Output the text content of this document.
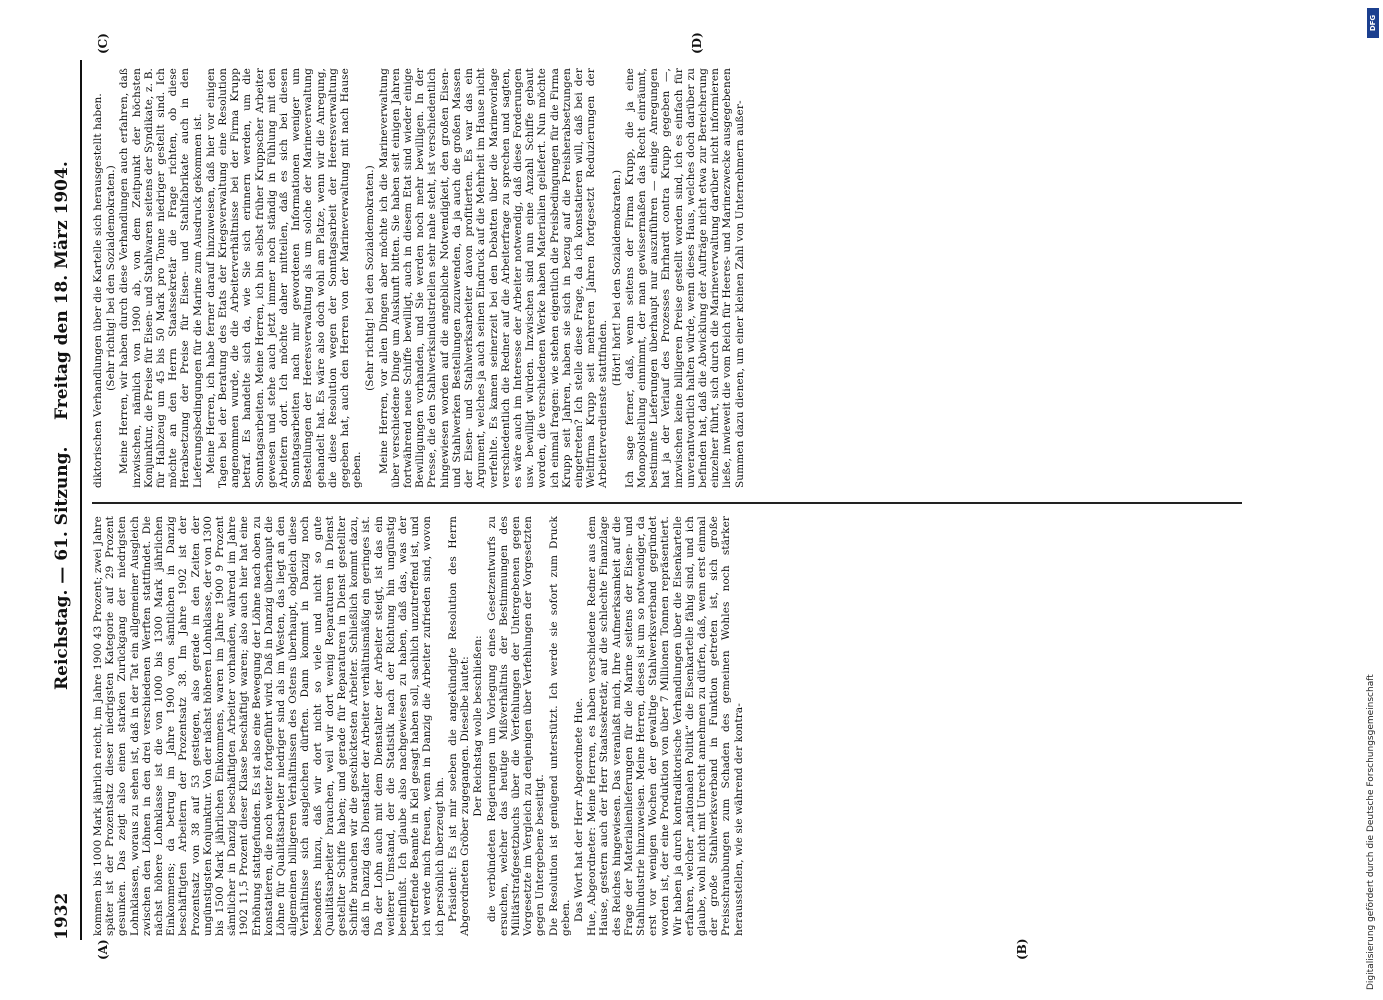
1932
Reichstag. — 61. Sitzung.
Freitag den 18. März 1904.
(A)	(B)
(C)	(D)

kommen bis 1000 Mark jährlich reicht, im Jahre 1900 43 Prozent; zwei Jahre später ist der Prozentsatz dieser niedrigsten Kategorie auf 29 Prozent gesunken. Das zeigt also einen starken Zurückgang der niedrigsten Lohnklassen, woraus zu sehen ist, daß in der Tat ein allgemeiner Ausgleich zwischen den Löhnen in den drei verschiedenen Werften stattfindet. Die nächst höhere Lohnklasse ist die von 1000 bis 1300 Mark jährlichen Einkommens; da betrug im Jahre 1900 von sämtlichen in Danzig beschäftigten Arbeitern der Prozentsatz 38. Im Jahre 1902 ist der Prozentsatz von 38 auf 53 gestiegen, also gerade in den Zeiten der ungünstigsten Konjunktur. Von der nächst höheren Lohnklasse, der von 1300 bis 1500 Mark jährlichen Einkommens, waren im Jahre 1900 9 Prozent sämtlicher in Danzig beschäftigten Arbeiter vorhanden, während im Jahre 1902 11,5 Prozent dieser Klasse beschäftigt waren; also auch hier hat eine Erhöhung stattgefunden. Es ist also eine Bewegung der Löhne nach oben zu konstatieren, die noch weiter fortgeführt wird. Daß in Danzig überhaupt die Löhne für Qualitätsarbeiter niedriger sind als im Westen, das liegt an den allgemeinen billigeren Verhältnissen des Ostens überhaupt, obgleich diese Verhältnisse sich ausgleichen dürften. Dann kommt in Danzig noch besonders hinzu, daß wir dort nicht so viele und nicht so gute Qualitätsarbeiter brauchen, weil wir dort wenig Reparaturen in Dienst gestellter Schiffe haben; und gerade für Reparaturen in Dienst gestellter Schiffe brauchen wir die geschicktesten Arbeiter. Schließlich kommt dazu, daß in Danzig das Dienstalter der Arbeiter verhältnismäßig ein geringes ist. Da der Lohn auch mit dem Dienstalter der Arbeiter steigt, ist das ein weiterer Umstand, der die Statistik nach der Richtung hin ungünstig beeinflußt. Ich glaube also nachgewiesen zu haben, daß das, was der betreffende Beamte in Kiel gesagt haben soll, sachlich unzutreffend ist, und ich werde mich freuen, wenn in Danzig die Arbeiter zufrieden sind, wovon ich persönlich überzeugt bin. Präsident: Es ist mir soeben die angekündigte Resolution des Herrn Abgeordneten Gröber zugegangen. Dieselbe lautet: Der Reichstag wolle beschließen: die verbündeten Regierungen um Vorlegung eines Gesetzentwurfs zu ersuchen, welcher das heutige Mißverhältnis der Bestimmungen des Militärstrafgesetzbuchs über die Verfehlungen der Untergebenen gegen Vorgesetzte im Vergleich zu denjenigen über Verfehlungen der Vorgesetzten gegen Untergebene beseitigt. Die Resolution ist genügend unterstützt. Ich werde sie sofort zum Druck geben. Das Wort hat der Herr Abgeordnete Hue. Hue, Abgeordneter: Meine Herren, es haben verschiedene Redner aus dem Hause, gestern auch der Herr Staatssekretär, auf die schlechte Finanzlage des Reiches hingewiesen. Das veranlaßt mich, Ihre Aufmerksamkeit auf die Frage der Materialienlieferungen für die Marine seitens der Eisen- und Stahlindustrie hinzuweisen. Meine Herren, dieses ist um so notwendiger, da erst vor wenigen Wochen der gewaltige Stahlwerksverband gegründet worden ist, der eine Produktion von über 7 Millionen Tonnen repräsentiert. Wir haben ja durch kontradiktorische Verhandlungen über die Eisenkartelle erfahren, welcher „nationalen Politik“ die Eisenkartelle fähig sind, und ich glaube, wohl nicht mit Unrecht annehmen zu dürfen, daß, wenn erst einmal der große Stahlwerksverband in Funktion getreten ist, sich große Preisschraubungen zum Schaden des gemeinen Wohles noch stärker herausstellen, wie sie während der kontra-

diktorischen Verhandlungen über die Kartelle sich herausgestellt haben. (Sehr richtig! bei den Sozialdemokraten.) Meine Herren, wir haben durch diese Verhandlungen auch erfahren, daß inzwischen, nämlich von 1900 ab, von dem Zeitpunkt der höchsten Konjunktur, die Preise für Eisen- und Stahlwaren seitens der Syndikate, z. B. für Halbzeug um 45 bis 50 Mark pro Tonne niedriger gestellt sind. Ich möchte an den Herrn Staatssekretär die Frage richten, ob diese Herabsetzung der Preise für Eisen- und Stahlfabrikate auch in den Lieferungsbedingungen für die Marine zum Ausdruck gekommen ist. Meine Herren, ich habe ferner darauf hinzuweisen, daß hier vor einigen Tagen bei der Beratung des Etats der Kriegsverwaltung eine Resolution angenommen wurde, die die Arbeiterverhältnisse bei der Firma Krupp betraf. Es handelte sich da, wie Sie sich erinnern werden, um die Sonntagsarbeiten. Meine Herren, ich bin selbst früher Kruppscher Arbeiter gewesen und stehe auch jetzt immer noch ständig in Fühlung mit den Arbeitern dort. Ich möchte daher mitteilen, daß es sich bei diesen Sonntagsarbeiten nach mir gewordenen Informationen weniger um Bestellungen der Heeresverwaltung als um solche der Marineverwaltung gehandelt hat. Es wäre also doch wohl am Platze, wenn wir die Anregung, die diese Resolution wegen der Sonntagsarbeit der Heeresverwaltung gegeben hat, auch den Herren von der Marineverwaltung mit nach Hause geben.

(Sehr richtig! bei den Sozialdemokraten.) Meine Herren, vor allen Dingen aber möchte ich die Marineverwaltung über verschiedene Dinge um Auskunft bitten. Sie haben seit einigen Jahren fortwährend neue Schiffe bewilligt, auch in diesem Etat sind wieder einige Bewilligungen vorhanden, und Sie werden noch mehr bewilligen. In der Presse, die den Stahlwerksindustriellen sehr nahe steht, ist verschiedentlich hingewiesen worden auf die angebliche Notwendigkeit, den großen Eisen- und Stahlwerken Bestellungen zuzuwenden, da ja auch die großen Massen der Eisen- und Stahlwerksarbeiter davon profitierten. Es war das ein Argument, welches ja auch seinen Eindruck auf die Mehrheit im Hause nicht verfehlte. Es kamen seinerzeit bei den Debatten über die Marinevorlage verschiedentlich die Redner auf die Arbeiterfrage zu sprechen und sagten, es wäre auch im Interesse der Arbeiter notwendig, daß diese Forderungen usw. bewilligt würden. Inzwischen sind nun eine Anzahl Schiffe gebaut worden, die verschiedenen Werke haben Materialien geliefert. Nun möchte ich einmal fragen: wie stehen eigentlich die Preisbedingungen für die Firma Krupp seit Jahren, haben sie sich in bezug auf die Preisherabsetzungen eingetreten? Ich stelle diese Frage, da ich konstatieren will, daß bei der Weltfirma Krupp seit mehreren Jahren fortgesetzt Reduzierungen der Arbeiterverdienste stattfinden.

(Hört! hört! bei den Sozialdemokraten.) Ich sage ferner, daß, wenn seitens der Firma Krupp, die ja eine Monopolstellung einnimmt, der man gewissermaßen das Recht einräumt, bestimmte Lieferungen überhaupt nur auszuführen — einige Anregungen hat ja der Verlauf des Prozesses Ehrhardt contra Krupp gegeben —, inzwischen keine billigeren Preise gestellt worden sind, ich es einfach für unverantwortlich halten würde, wenn dieses Haus, welches doch darüber zu befinden hat, daß die Abwicklung der Aufträge nicht etwa zur Bereicherung einzelner führt, sich durch die Marineverwaltung darüber nicht informieren ließe, inwieweit die vom Reich für Heeres- und Marinezwecke ausgegebenen Summen dazu dienen, um einer kleinen Zahl von Unternehmern außer-

Digitalisierung gefördert durch die Deutsche Forschungsgemeinschaft
DFG
